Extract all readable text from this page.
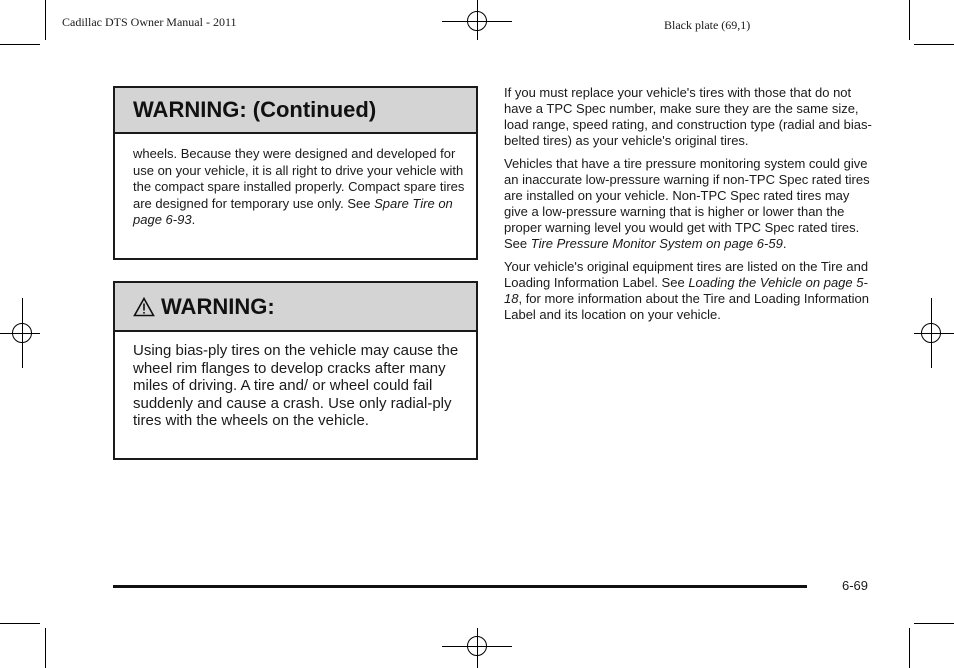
Cadillac DTS Owner Manual - 2011	Black plate (69,1)
WARNING: (Continued)
wheels. Because they were designed and developed for use on your vehicle, it is all right to drive your vehicle with the compact spare installed properly. Compact spare tires are designed for temporary use only. See Spare Tire on
page 6-93.
WARNING:
Using bias-ply tires on the vehicle may cause the wheel rim flanges to develop cracks after many miles of driving. A tire and/ or wheel could fail suddenly and cause a crash. Use only radial-ply tires with the wheels on the vehicle.

If you must replace your vehicle's tires with those that do not have a TPC Spec number, make sure they are the same size, load range, speed rating, and construction type (radial and bias-belted tires) as your vehicle's original tires.

Vehicles that have a tire pressure monitoring system could give an inaccurate low-pressure warning if non-TPC Spec rated tires are installed on your vehicle. Non-TPC Spec rated tires may give a low-pressure warning that is higher or lower than the proper warning level you would get with TPC Spec rated tires. See Tire Pressure Monitor System on page 6-59.

Your vehicle's original equipment tires are listed on the Tire and Loading Information Label. See Loading the Vehicle on page 5-18, for more information about the Tire and Loading Information Label and its location on your vehicle.

6-69
